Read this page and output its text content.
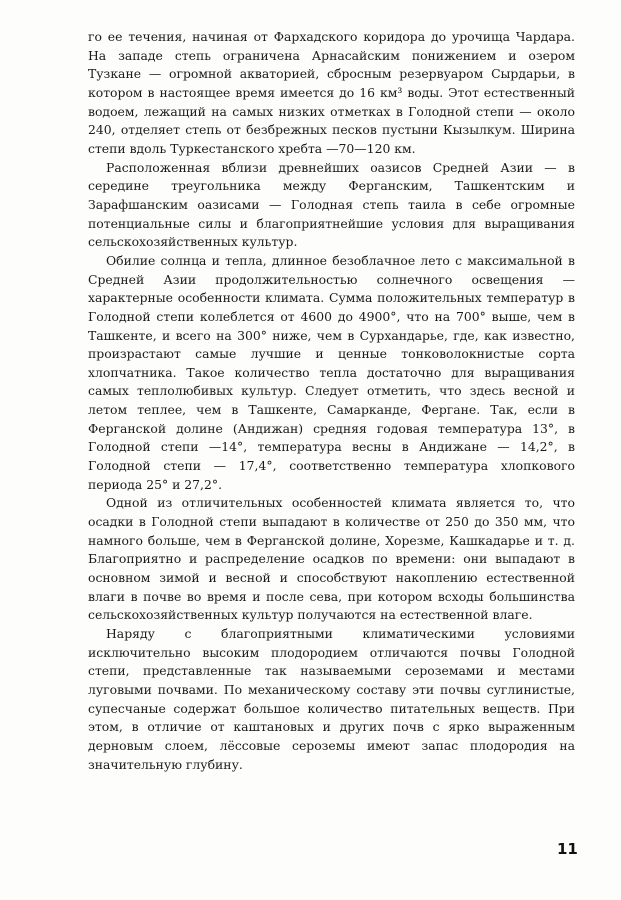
го ее течения, начиная от Фархадского коридора до урочища Чардара. На западе степь ограничена Арнасайским понижением и озером Тузкане — огромной акваторией, сбросным резервуаром Сырдарьи, в котором в настоящее время имеется до 16 км³ воды. Этот естественный водоем, лежащий на самых низких отметках в Голодной степи — около 240, отделяет степь от безбрежных песков пустыни Кызылкум. Ширина степи вдоль Туркестанского хребта —70—120 км.

Расположенная вблизи древнейших оазисов Средней Азии — в середине треугольника между Ферганским, Ташкентским и Зарафшанским оазисами — Голодная степь таила в себе огромные потенциальные силы и благоприятнейшие условия для выращивания сельскохозяйственных культур.

Обилие солнца и тепла, длинное безоблачное лето с максимальной в Средней Азии продолжительностью солнечного освещения — характерные особенности климата. Сумма положительных температур в Голодной степи колеблется от 4600 до 4900°, что на 700° выше, чем в Ташкенте, и всего на 300° ниже, чем в Сурхандарье, где, как известно, произрастают самые лучшие и ценные тонковолокнистые сорта хлопчатника. Такое количество тепла достаточно для выращивания самых теплолюбивых культур. Следует отметить, что здесь весной и летом теплее, чем в Ташкенте, Самарканде, Фергане. Так, если в Ферганской долине (Андижан) средняя годовая температура 13°, в Голодной степи —14°, температура весны в Андижане — 14,2°, в Голодной степи — 17,4°, соответственно температура хлопкового периода 25° и 27,2°.

Одной из отличительных особенностей климата является то, что осадки в Голодной степи выпадают в количестве от 250 до 350 мм, что намного больше, чем в Ферганской долине, Хорезме, Кашкадарье и т. д. Благоприятно и распределение осадков по времени: они выпадают в основном зимой и весной и способствуют накоплению естественной влаги в почве во время и после сева, при котором всходы большинства сельскохозяйственных культур получаются на естественной влаге.

Наряду с благоприятными климатическими условиями исключительно высоким плодородием отличаются почвы Голодной степи, представленные так называемыми сероземами и местами луговыми почвами. По механическому составу эти почвы суглинистые, супесчаные содержат большое количество питательных веществ. При этом, в отличие от каштановых и других почв с ярко выраженным дерновым слоем, лёссовые сероземы имеют запас плодородия на значительную глубину.

11
